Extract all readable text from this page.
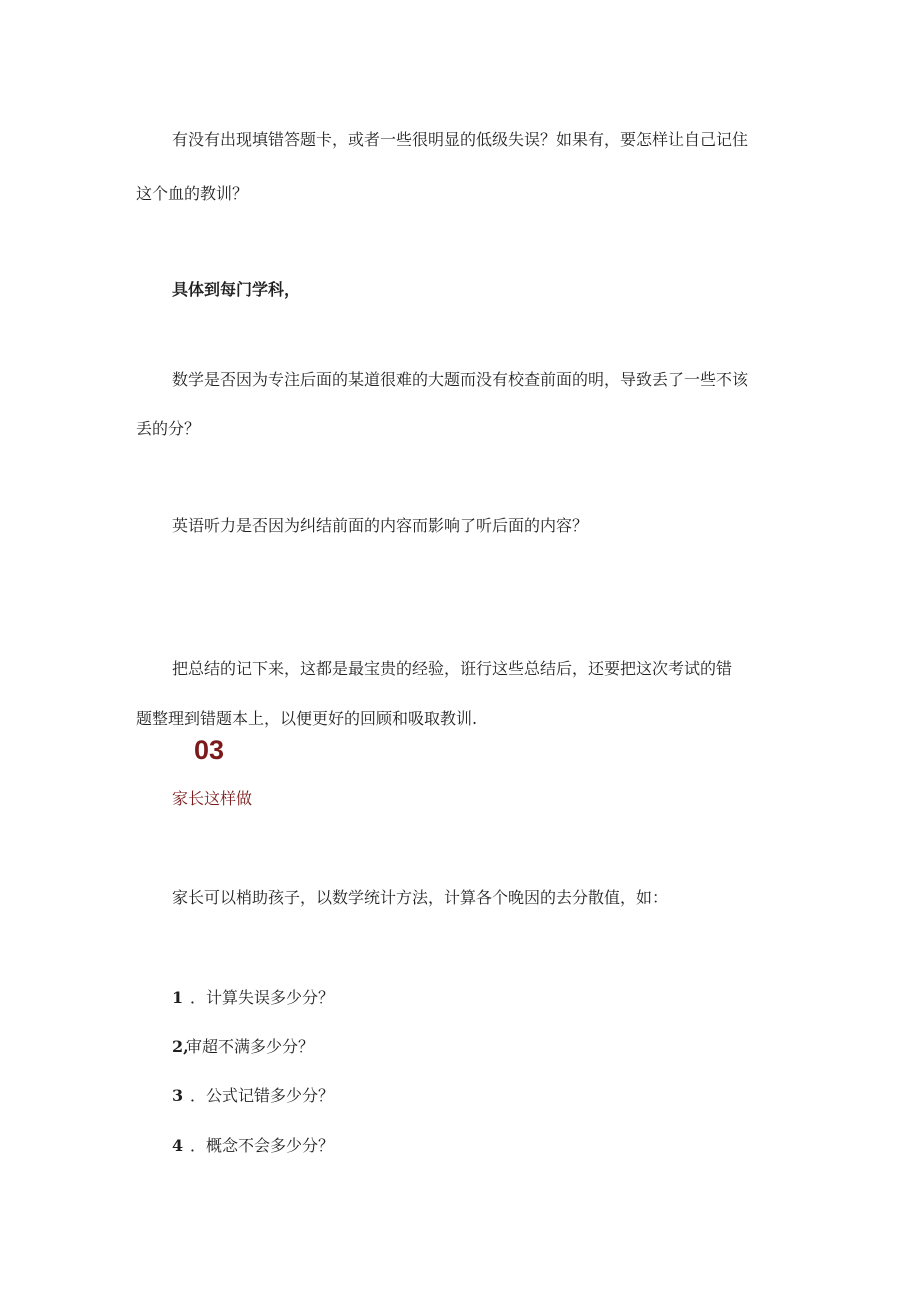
有没有出现填错答题卡，或者一些很明显的低级失误？如果有，要怎样让自己记住
这个血的教训？
具体到每门学科，
数学是否因为专注后面的某道很难的大题而没有校查前面的明，导致丢了一些不该
丢的分？
英语听力是否因为纠结前面的内容而影响了听后面的内容？
把总结的记下来，这都是最宝贵的经验，诳行这些总结后，还要把这次考试的错
题整理到错题本上，以便更好的回顾和吸取教训.
03
家长这样做
家长可以梢助孩子，以数学统计方法，计算各个晚因的去分散值，如：
1 ．计算失误多少分？
2,审超不满多少分？
3 ．公式记错多少分？
4 ．概念不会多少分？
